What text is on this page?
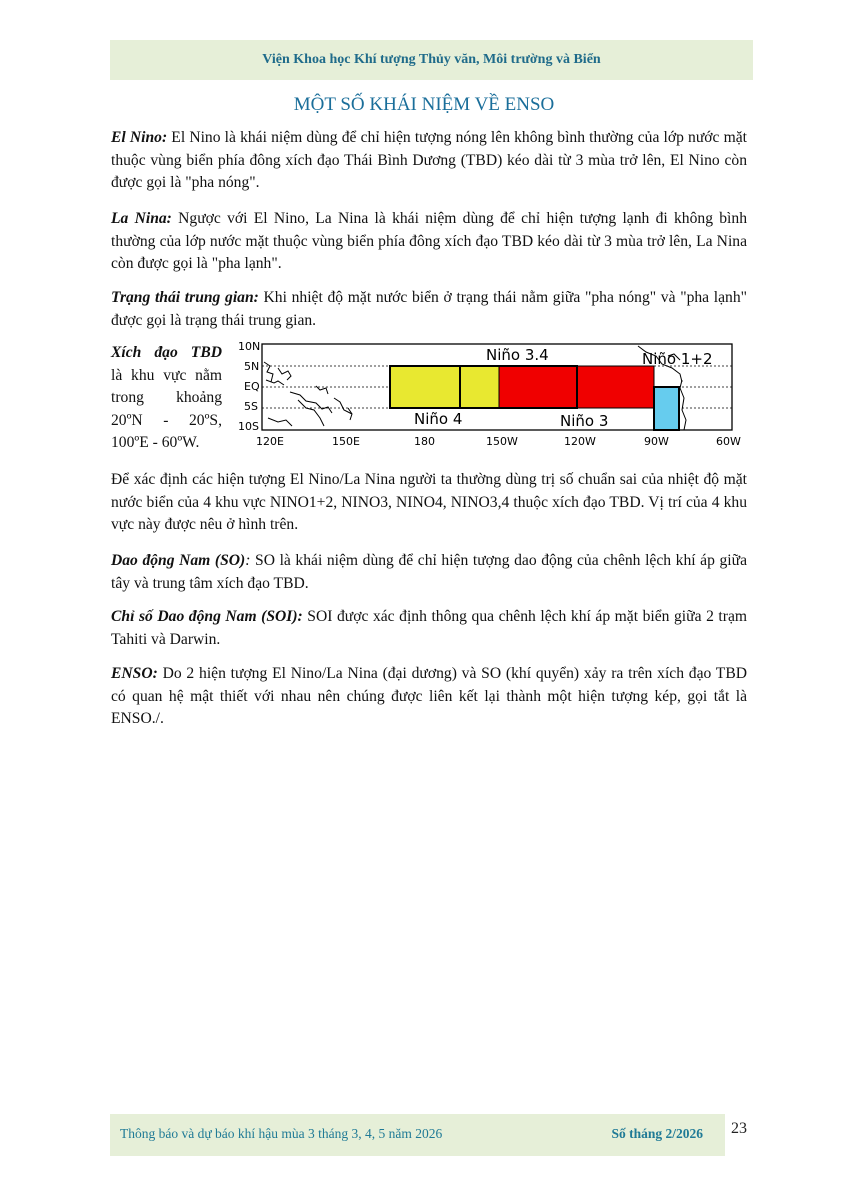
Viện Khoa học Khí tượng Thủy văn, Môi trường và Biển
MỘT SỐ KHÁI NIỆM VỀ ENSO

El Nino: El Nino là khái niệm dùng để chỉ hiện tượng nóng lên không bình thường của lớp nước mặt thuộc vùng biển phía đông xích đạo Thái Bình Dương (TBD) kéo dài từ 3 mùa trở lên, El Nino còn được gọi là "pha nóng".

La Nina: Ngược với El Nino, La Nina là khái niệm dùng để chỉ hiện tượng lạnh đi không bình thường của lớp nước mặt thuộc vùng biển phía đông xích đạo TBD kéo dài từ 3 mùa trở lên, La Nina còn được gọi là "pha lạnh".

Trạng thái trung gian: Khi nhiệt độ mặt nước biển ở trạng thái nằm giữa "pha nóng" và "pha lạnh" được gọi là trạng thái trung gian.

Xích đạo TBD
là khu vực nằm
trong khoảng
20ºN - 20ºS,
100ºE - 60ºW.

10N
5N
EQ
5S
10S
Niño 3.4
Niño 4	Niño 3
Niño 1+2
120E	150E	180	150W	120W	90W	60W

Để xác định các hiện tượng El Nino/La Nina người ta thường dùng trị số chuẩn sai của nhiệt độ mặt nước biển của 4 khu vực NINO1+2, NINO3, NINO4, NINO3,4 thuộc xích đạo TBD. Vị trí của 4 khu vực này được nêu ở hình trên.

Dao động Nam (SO): SO là khái niệm dùng để chỉ hiện tượng dao động của chênh lệch khí áp giữa tây và trung tâm xích đạo TBD.

Chỉ số Dao động Nam (SOI): SOI được xác định thông qua chênh lệch khí áp mặt biển giữa 2 trạm Tahiti và Darwin.

ENSO: Do 2 hiện tượng El Nino/La Nina (đại dương) và SO (khí quyển) xảy ra trên xích đạo TBD có quan hệ mật thiết với nhau nên chúng được liên kết lại thành một hiện tượng kép, gọi tắt là ENSO./.

Thông báo và dự báo khí hậu mùa 3 tháng 3, 4, 5 năm 2026	Số tháng 2/2026 23
